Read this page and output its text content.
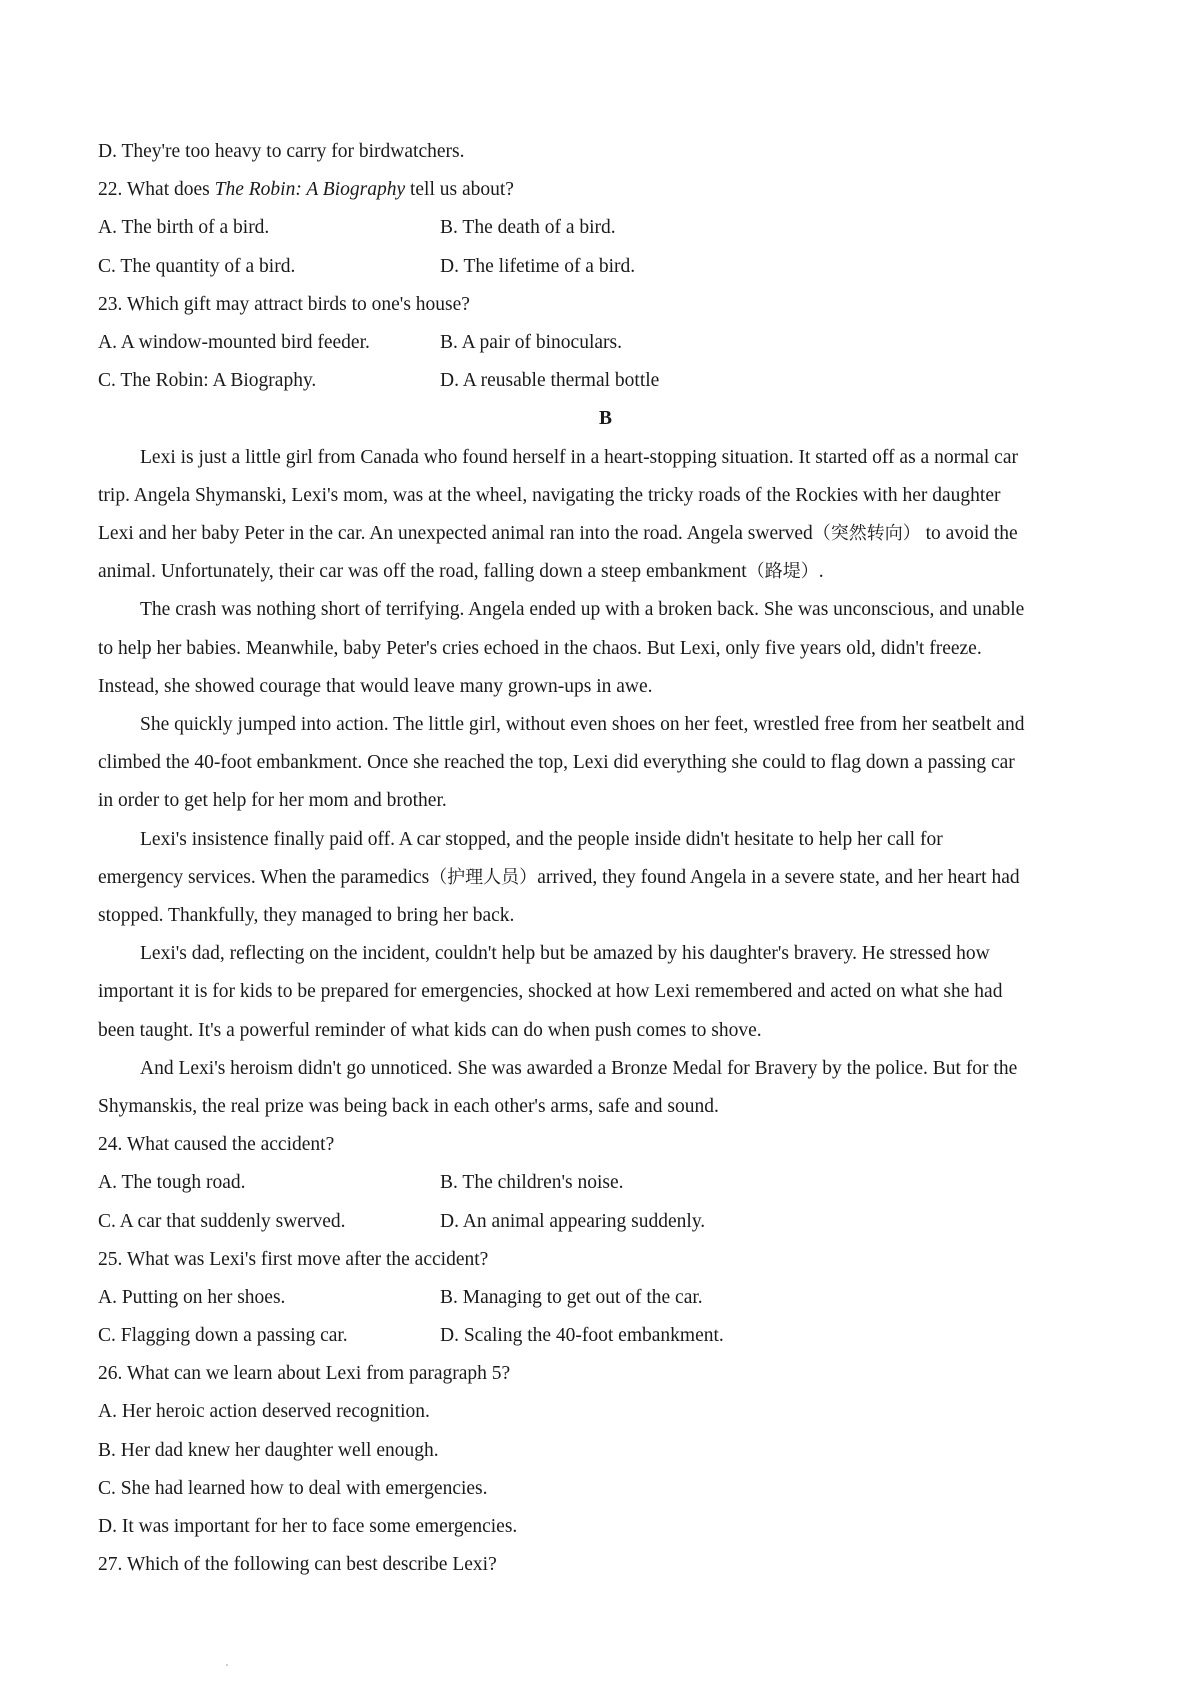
D. They're too heavy to carry for birdwatchers.
22. What does The Robin: A Biography tell us about?
A. The birth of a bird.	B. The death of a bird.
C. The quantity of a bird.	D. The lifetime of a bird.
23. Which gift may attract birds to one's house?
A. A window-mounted bird feeder.	B. A pair of binoculars.
C. The Robin: A Biography.	D. A reusable thermal bottle
B

Lexi is just a little girl from Canada who found herself in a heart-stopping situation. It started off as a normal car
trip. Angela Shymanski, Lexi's mom, was at the wheel, navigating the tricky roads of the Rockies with her daughter
Lexi and her baby Peter in the car. An unexpected animal ran into the road. Angela swerved（突然转向） to avoid the
animal. Unfortunately, their car was off the road, falling down a steep embankment（路堤）.

The crash was nothing short of terrifying. Angela ended up with a broken back. She was unconscious, and unable
to help her babies. Meanwhile, baby Peter's cries echoed in the chaos. But Lexi, only five years old, didn't freeze.
Instead, she showed courage that would leave many grown-ups in awe.

She quickly jumped into action. The little girl, without even shoes on her feet, wrestled free from her seatbelt and
climbed the 40-foot embankment. Once she reached the top, Lexi did everything she could to flag down a passing car
in order to get help for her mom and brother.

Lexi's insistence finally paid off. A car stopped, and the people inside didn't hesitate to help her call for
emergency services. When the paramedics（护理人员）arrived, they found Angela in a severe state, and her heart had
stopped. Thankfully, they managed to bring her back.

Lexi's dad, reflecting on the incident, couldn't help but be amazed by his daughter's bravery. He stressed how
important it is for kids to be prepared for emergencies, shocked at how Lexi remembered and acted on what she had
been taught. It's a powerful reminder of what kids can do when push comes to shove.

And Lexi's heroism didn't go unnoticed. She was awarded a Bronze Medal for Bravery by the police. But for the
Shymanskis, the real prize was being back in each other's arms, safe and sound.

24. What caused the accident?
A. The tough road.	B. The children's noise.
C. A car that suddenly swerved.	D. An animal appearing suddenly.
25. What was Lexi's first move after the accident?
A. Putting on her shoes.	B. Managing to get out of the car.
C. Flagging down a passing car.	D. Scaling the 40-foot embankment.
26. What can we learn about Lexi from paragraph 5?
A. Her heroic action deserved recognition.
B. Her dad knew her daughter well enough.
C. She had learned how to deal with emergencies.
D. It was important for her to face some emergencies.
27. Which of the following can best describe Lexi?
